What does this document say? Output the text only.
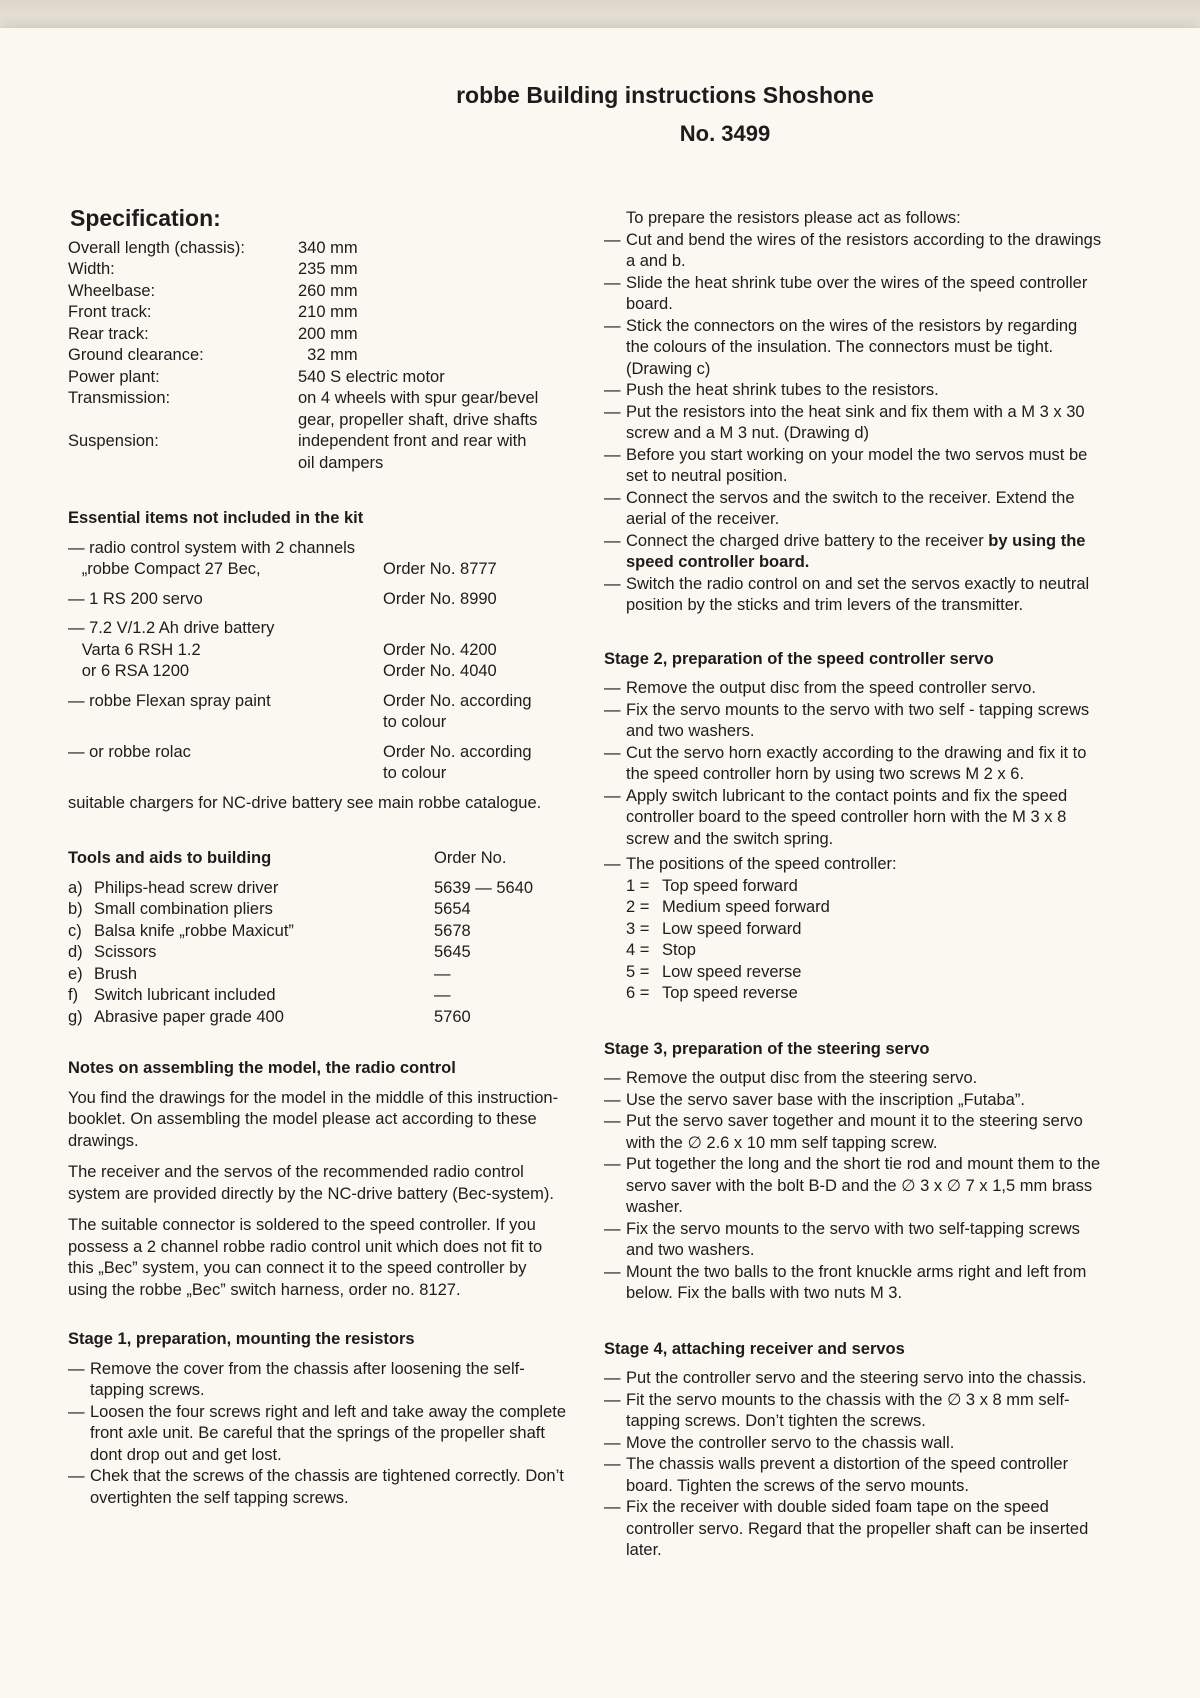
robbe Building instructions Shoshone
No. 3499
Specification:
Overall length (chassis):	340 mm
Width:	235 mm
Wheelbase:	260 mm
Front track:	210 mm
Rear track:	200 mm
Ground clearance:	32 mm
Power plant:	540 S electric motor
Transmission:	on 4 wheels with spur gear/bevel gear, propeller shaft, drive shafts
Suspension:	independent front and rear with oil dampers
Essential items not included in the kit
— radio control system with 2 channels
„robbe Compact 27 Bec,	Order No. 8777
— 1 RS 200 servo	Order No. 8990
— 7.2 V/1.2 Ah drive battery
Varta 6 RSH 1.2	Order No. 4200
or 6 RSA 1200	Order No. 4040
— robbe Flexan spray paint	Order No. according to colour
— or robbe rolac	Order No. according to colour

suitable chargers for NC-drive battery see main robbe catalogue.

Tools and aids to building	Order No.
a) Philips-head screw driver	5639 — 5640
b) Small combination pliers	5654
c) Balsa knife „robbe Maxicut”	5678
d) Scissors	5645
e) Brush	—
f) Switch lubricant included	—
g) Abrasive paper grade 400	5760
Notes on assembling the model, the radio control

You find the drawings for the model in the middle of this instruction-booklet. On assembling the model please act according to these drawings.

The receiver and the servos of the recommended radio control system are provided directly by the NC-drive battery (Bec-system).

The suitable connector is soldered to the speed controller. If you possess a 2 channel robbe radio control unit which does not fit to this „Bec” system, you can connect it to the speed controller by using the robbe „Bec” switch harness, order no. 8127.

Stage 1, preparation, mounting the resistors
— Remove the cover from the chassis after loosening the self-tapping screws.
— Loosen the four screws right and left and take away the complete front axle unit. Be careful that the springs of the propeller shaft dont drop out and get lost.
— Chek that the screws of the chassis are tightened correctly. Don’t overtighten the self tapping screws.
To prepare the resistors please act as follows:
— Cut and bend the wires of the resistors according to the drawings a and b.
— Slide the heat shrink tube over the wires of the speed controller board.
— Stick the connectors on the wires of the resistors by regarding the colours of the insulation. The connectors must be tight. (Drawing c)
— Push the heat shrink tubes to the resistors.
— Put the resistors into the heat sink and fix them with a M 3 x 30 screw and a M 3 nut. (Drawing d)
— Before you start working on your model the two servos must be set to neutral position.
— Connect the servos and the switch to the receiver. Extend the aerial of the receiver.
— Connect the charged drive battery to the receiver by using the speed controller board.
— Switch the radio control on and set the servos exactly to neutral position by the sticks and trim levers of the transmitter.
Stage 2, preparation of the speed controller servo
— Remove the output disc from the speed controller servo.
— Fix the servo mounts to the servo with two self - tapping screws and two washers.
— Cut the servo horn exactly according to the drawing and fix it to the speed controller horn by using two screws M 2 x 6.
— Apply switch lubricant to the contact points and fix the speed controller board to the speed controller horn with the M 3 x 8 screw and the switch spring.
— The positions of the speed controller:
1 = Top speed forward
2 = Medium speed forward
3 = Low speed forward
4 = Stop
5 = Low speed reverse
6 = Top speed reverse
Stage 3, preparation of the steering servo
— Remove the output disc from the steering servo.
— Use the servo saver base with the inscription „Futaba”.
— Put the servo saver together and mount it to the steering servo with the ∅ 2.6 x 10 mm self tapping screw.
— Put together the long and the short tie rod and mount them to the servo saver with the bolt B-D and the ∅ 3 x ∅ 7 x 1,5 mm brass washer.
— Fix the servo mounts to the servo with two self-tapping screws and two washers.
— Mount the two balls to the front knuckle arms right and left from below. Fix the balls with two nuts M 3.
Stage 4, attaching receiver and servos
— Put the controller servo and the steering servo into the chassis.
— Fit the servo mounts to the chassis with the ∅ 3 x 8 mm self-tapping screws. Don’t tighten the screws.
— Move the controller servo to the chassis wall.
— The chassis walls prevent a distortion of the speed controller board. Tighten the screws of the servo mounts.
— Fix the receiver with double sided foam tape on the speed controller servo. Regard that the propeller shaft can be inserted later.
